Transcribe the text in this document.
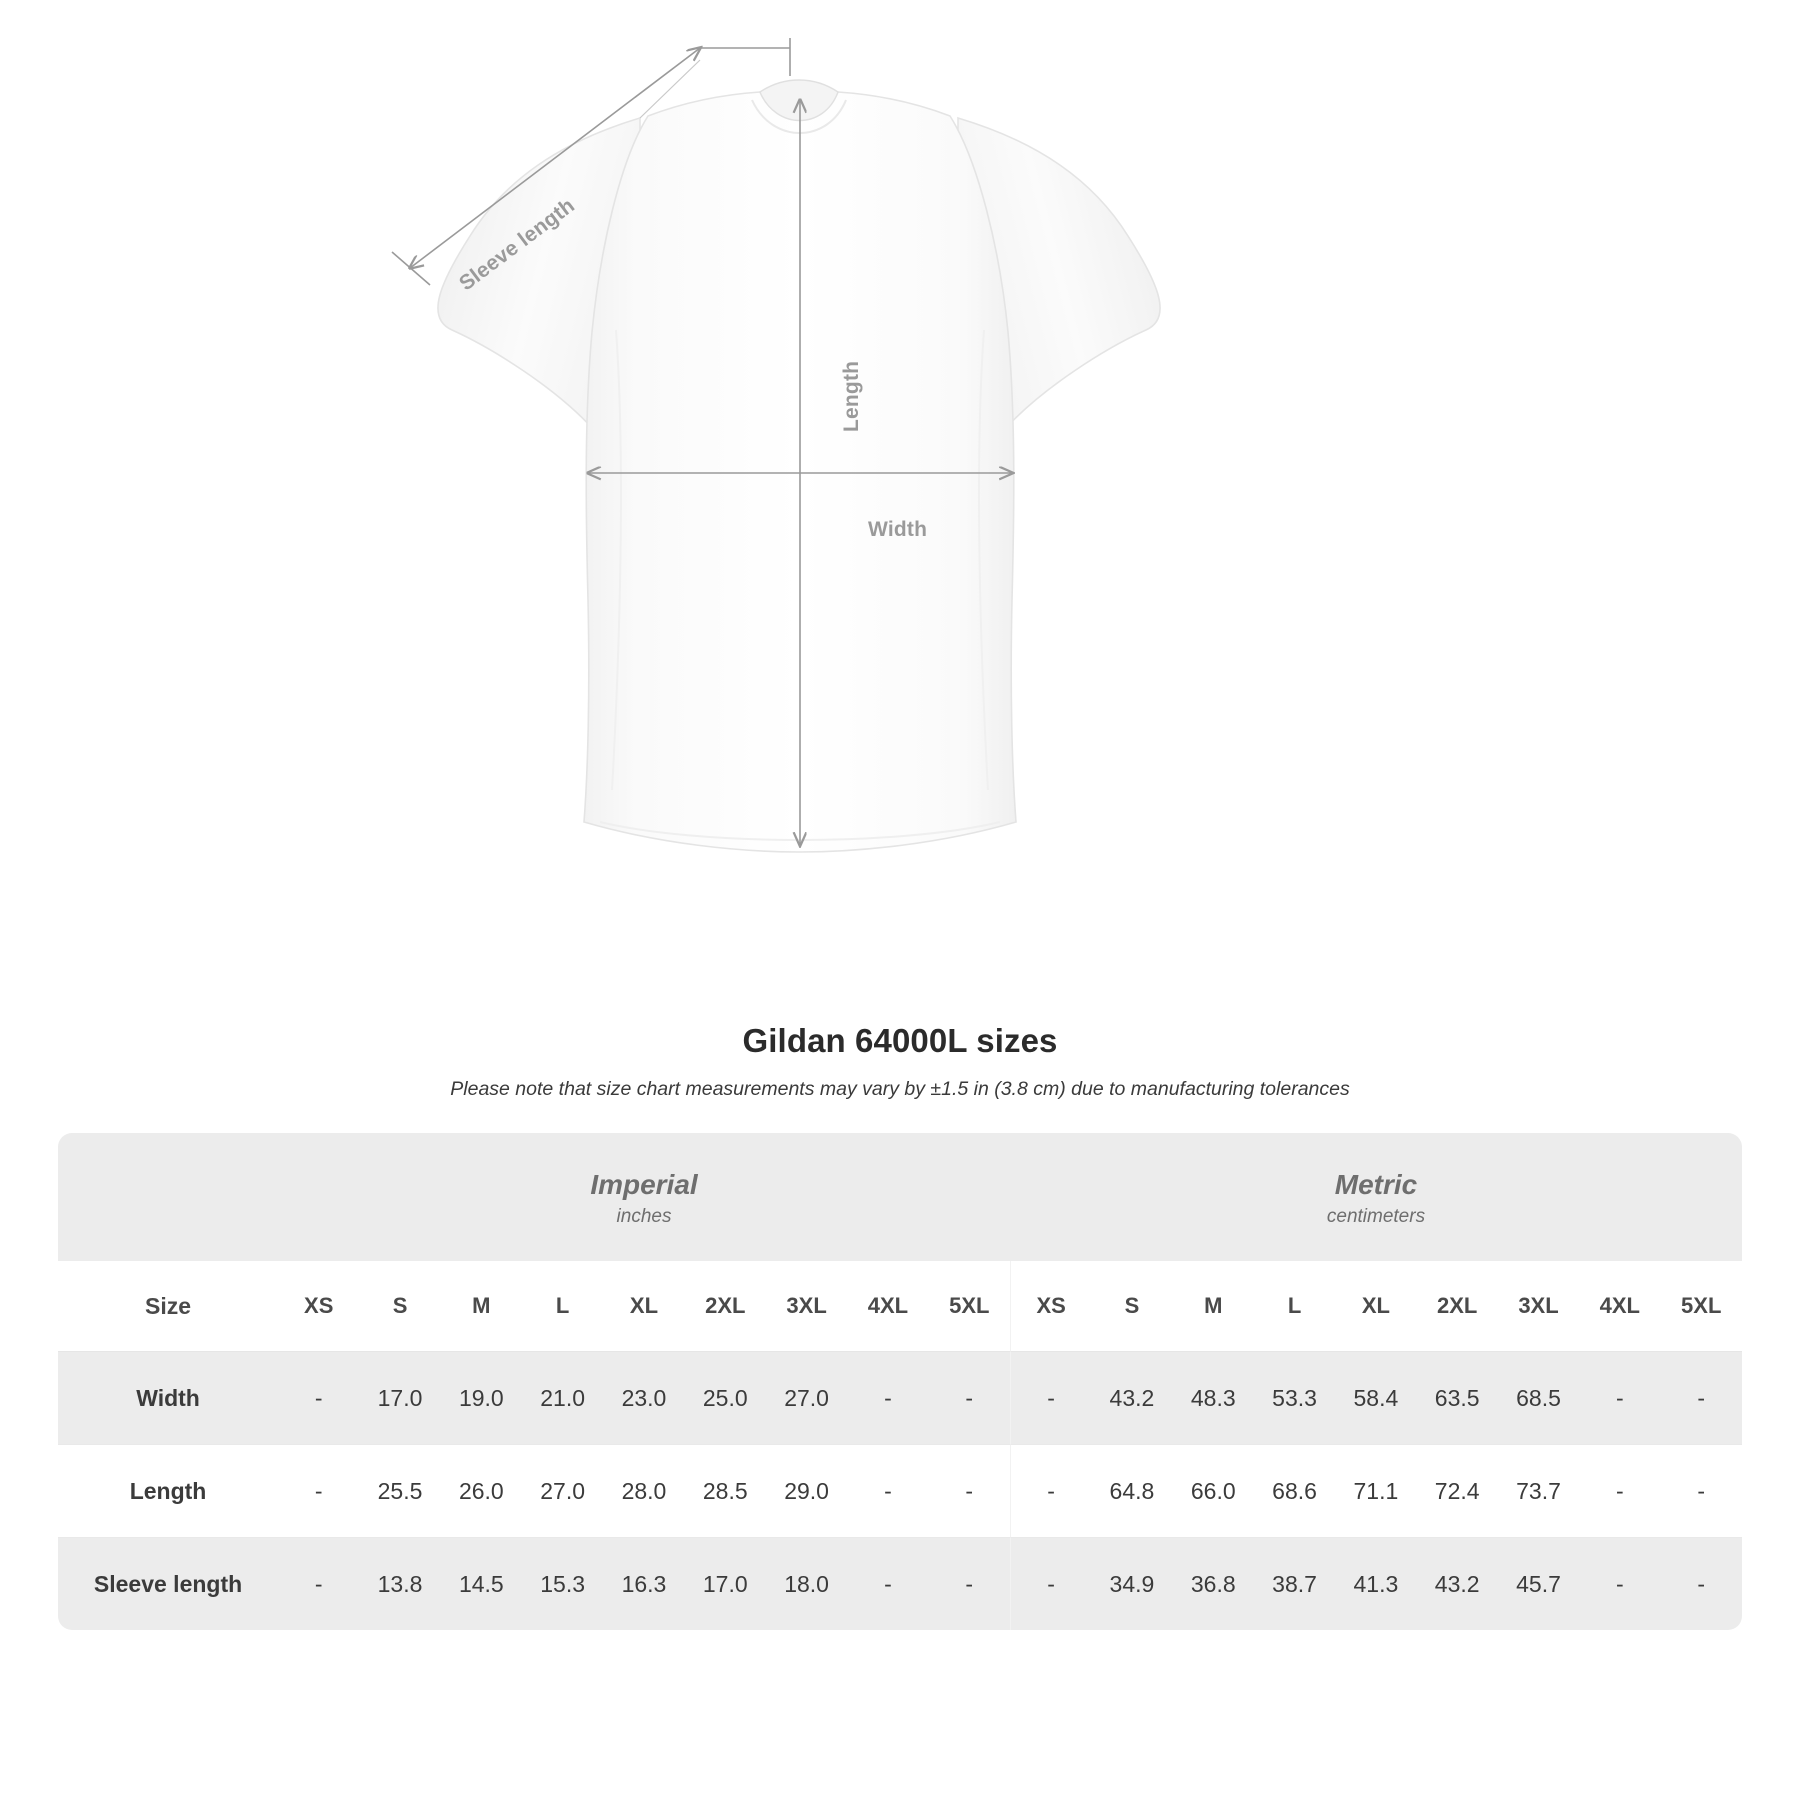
Length
Width
Sleeve length
Gildan 64000L sizes
Please note that size chart measurements may vary by ±1.5 in (3.8 cm) due to manufacturing tolerances

Imperial
inches

Metric
centimeters

Size	XS	S	M	L	XL	2XL	3XL	4XL	5XL	XS	S	M	L	XL	2XL	3XL	4XL	5XL
Width	-	17.0	19.0	21.0	23.0	25.0	27.0	-	-	-	43.2	48.3	53.3	58.4	63.5	68.5	-	-
Length	-	25.5	26.0	27.0	28.0	28.5	29.0	-	-	-	64.8	66.0	68.6	71.1	72.4	73.7	-	-
Sleeve length	-	13.8	14.5	15.3	16.3	17.0	18.0	-	-	-	34.9	36.8	38.7	41.3	43.2	45.7	-	-
